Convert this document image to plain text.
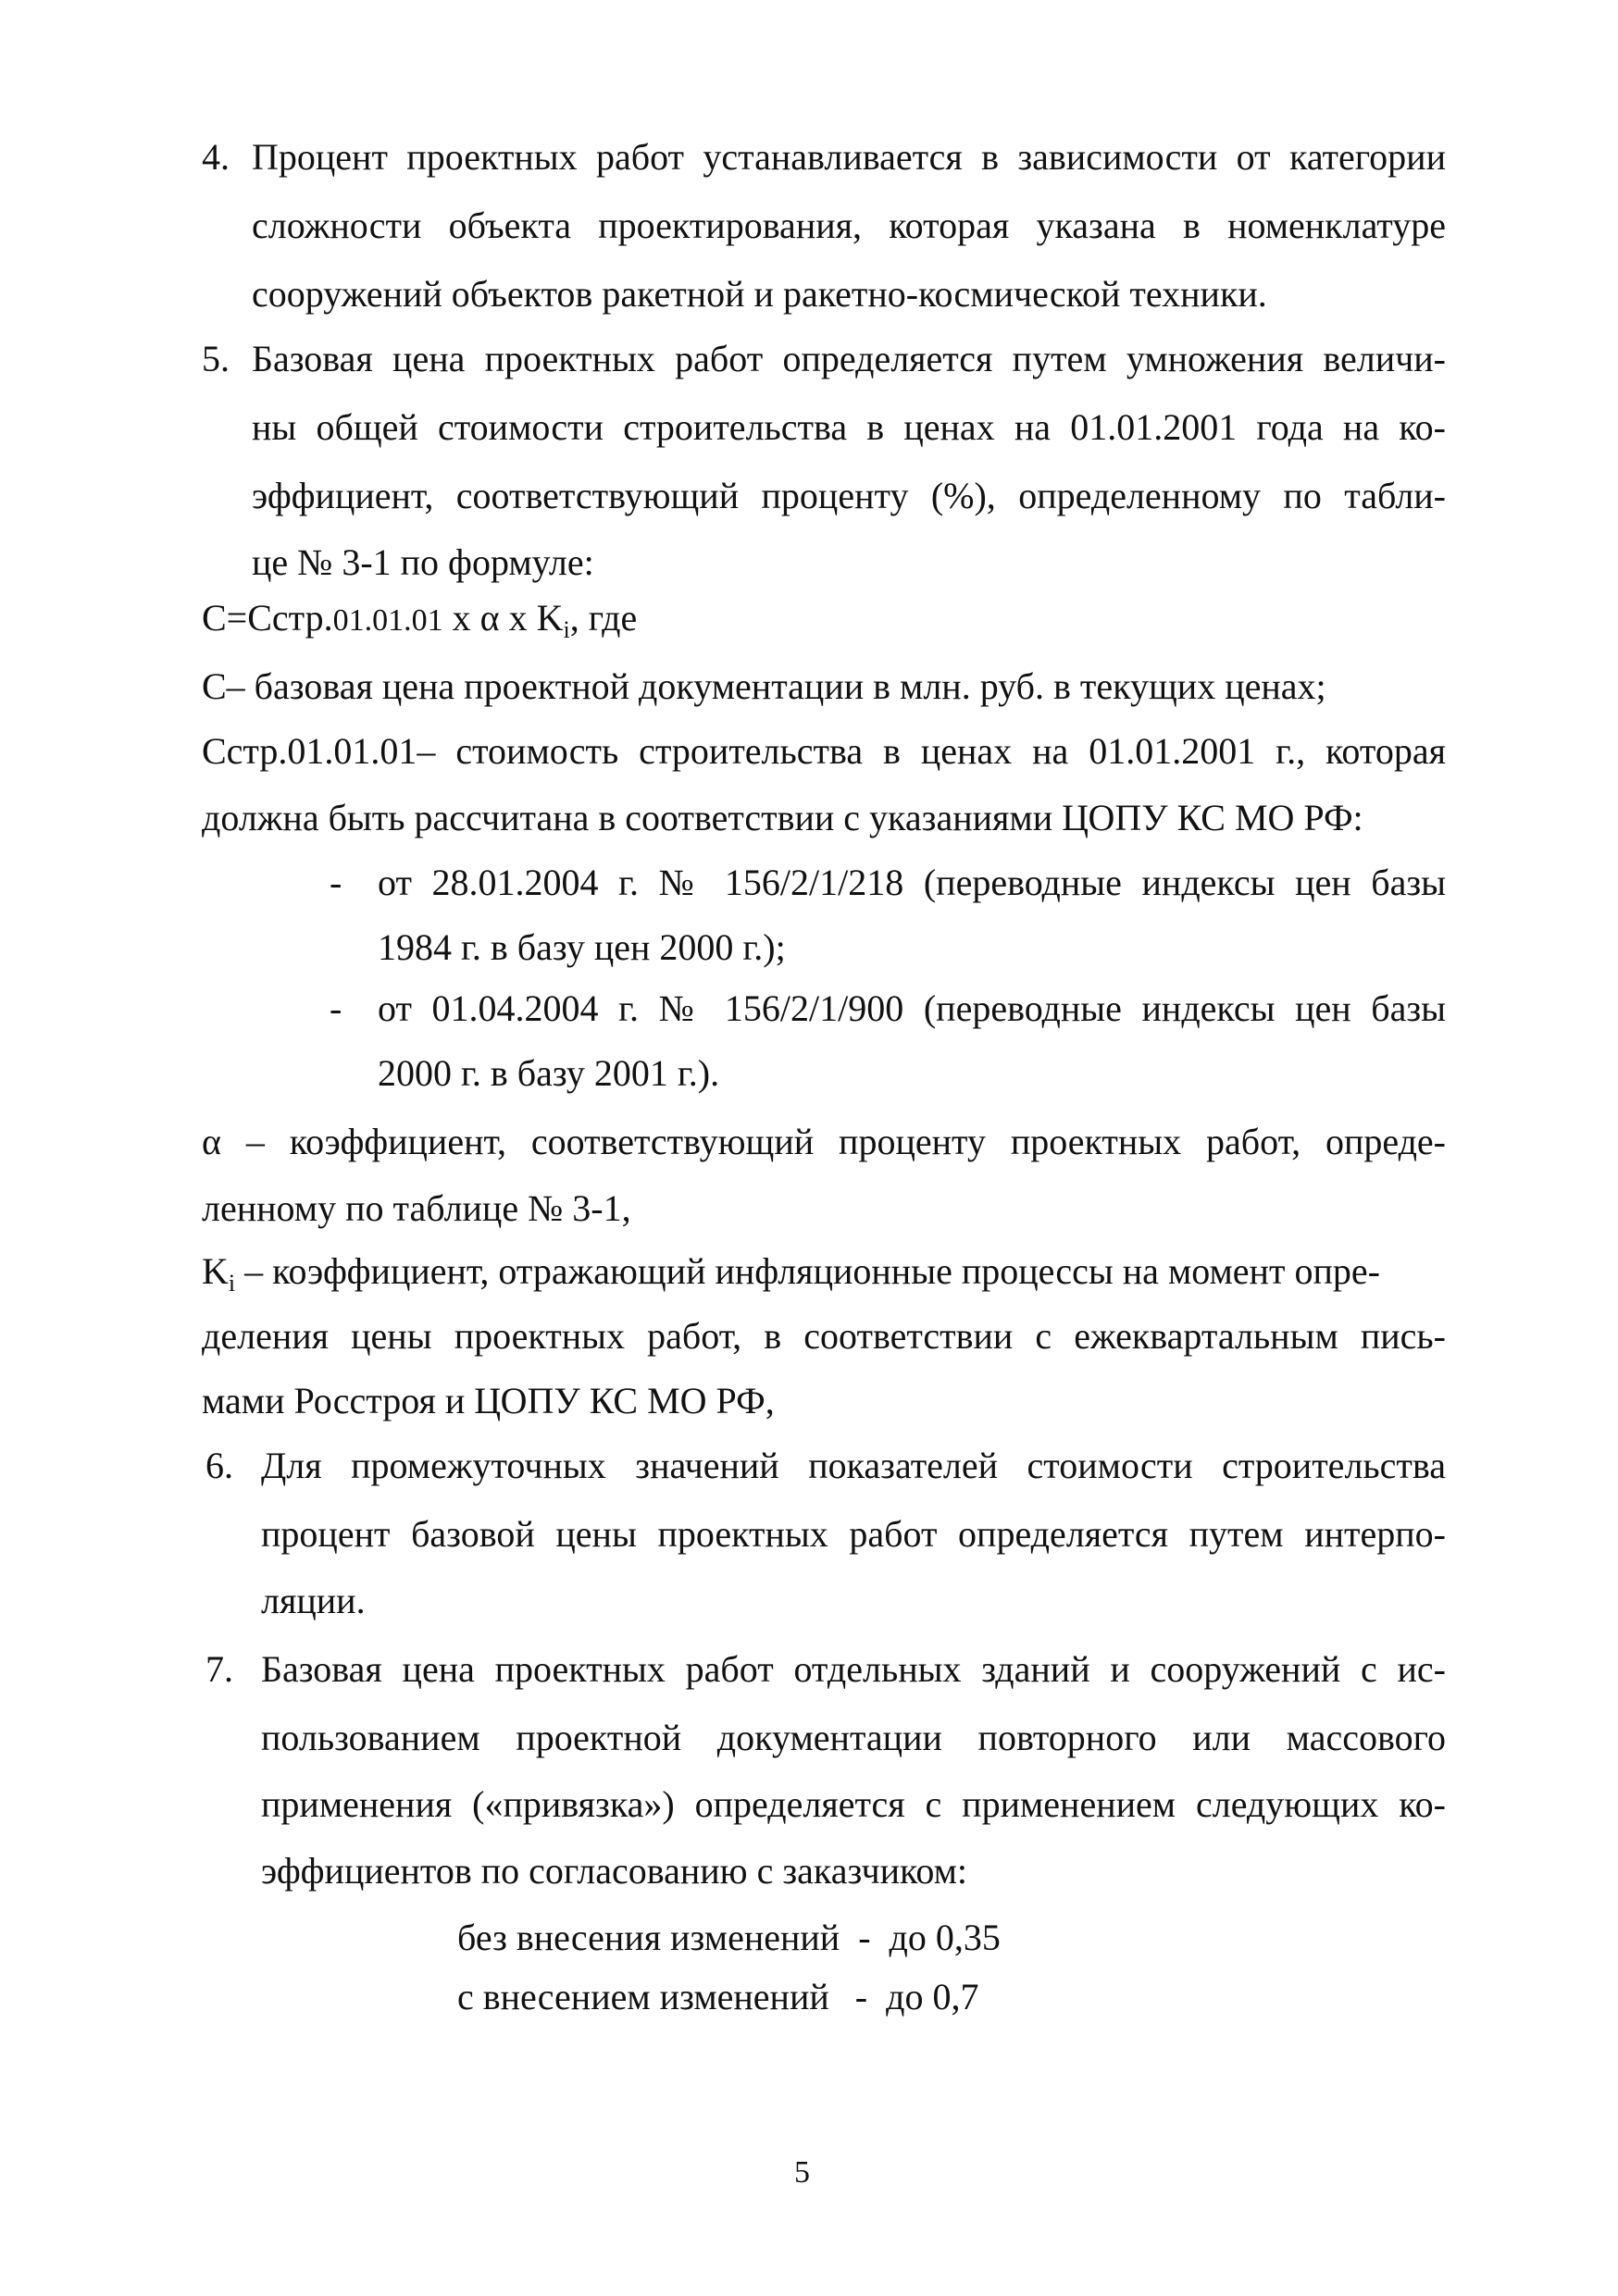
4. Процент проектных работ устанавливается в зависимости от категории
сложности объекта проектирования, которая указана в номенклатуре
сооружений объектов ракетной и ракетно-космической техники.
5. Базовая цена проектных работ определяется путем умножения величи-
ны общей стоимости строительства в ценах на 01.01.2001 года на ко-
эффициент, соответствующий проценту (%), определенному по табли-
це № 3-1 по формуле:
С=Cстр.01.01.01 x α x $K_i$, где
С– базовая цена проектной документации в млн. руб. в текущих ценах;
Cстр.01.01.01– стоимость строительства в ценах на 01.01.2001 г., которая
должна быть рассчитана в соответствии с указаниями ЦОПУ КС МО РФ:
- от 28.01.2004 г. № 156/2/1/218 (переводные индексы цен базы
1984 г. в базу цен 2000 г.);
- от 01.04.2004 г. № 156/2/1/900 (переводные индексы цен базы
2000 г. в базу 2001 г.).
α – коэффициент, соответствующий проценту проектных работ, опреде-
ленному по таблице № 3-1,
$K_i$ – коэффициент, отражающий инфляционные процессы на момент опре-
деления цены проектных работ, в соответствии с ежеквартальным пись-
мами Росстроя и ЦОПУ КС МО РФ,
6. Для промежуточных значений показателей стоимости строительства
процент базовой цены проектных работ определяется путем интерпо-
ляции.
7. Базовая цена проектных работ отдельных зданий и сооружений с ис-
пользованием проектной документации повторного или массового
применения («привязка») определяется с применением следующих ко-
эффициентов по согласованию с заказчиком:
без внесения изменений - до 0,35
с внесением изменений - до 0,7
5
